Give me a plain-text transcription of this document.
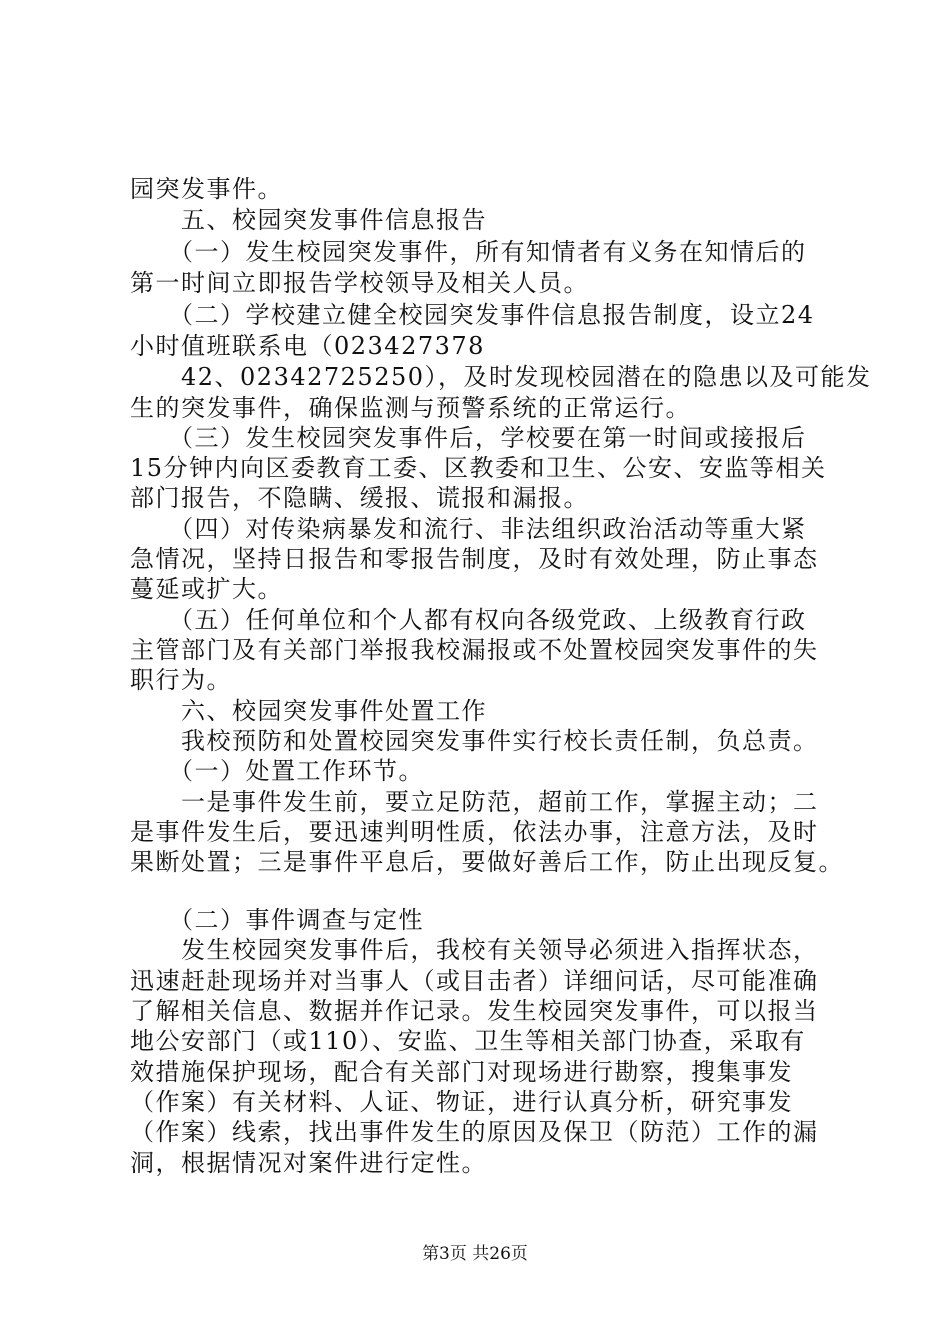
园突发事件。
　　五、校园突发事件信息报告
　　（一）发生校园突发事件，所有知情者有义务在知情后的
第一时间立即报告学校领导及相关人员。
　　（二）学校建立健全校园突发事件信息报告制度，设立24
小时值班联系电（023427378
　　42、02342725250），及时发现校园潜在的隐患以及可能发
生的突发事件，确保监测与预警系统的正常运行。
　　（三）发生校园突发事件后，学校要在第一时间或接报后
15分钟内向区委教育工委、区教委和卫生、公安、安监等相关
部门报告，不隐瞒、缓报、谎报和漏报。
　　（四）对传染病暴发和流行、非法组织政治活动等重大紧
急情况，坚持日报告和零报告制度，及时有效处理，防止事态
蔓延或扩大。
　　（五）任何单位和个人都有权向各级党政、上级教育行政
主管部门及有关部门举报我校漏报或不处置校园突发事件的失
职行为。
　　六、校园突发事件处置工作
　　我校预防和处置校园突发事件实行校长责任制，负总责。
　　（一）处置工作环节。
　　一是事件发生前，要立足防范，超前工作，掌握主动；二
是事件发生后，要迅速判明性质，依法办事，注意方法，及时
果断处置；三是事件平息后，要做好善后工作，防止出现反复。
　　（二）事件调查与定性
　　发生校园突发事件后，我校有关领导必须进入指挥状态，
迅速赶赴现场并对当事人（或目击者）详细问话，尽可能准确
了解相关信息、数据并作记录。发生校园突发事件，可以报当
地公安部门（或110）、安监、卫生等相关部门协查，采取有
效措施保护现场，配合有关部门对现场进行勘察，搜集事发
（作案）有关材料、人证、物证，进行认真分析，研究事发
（作案）线索，找出事件发生的原因及保卫（防范）工作的漏
洞，根据情况对案件进行定性。
第3页 共26页
